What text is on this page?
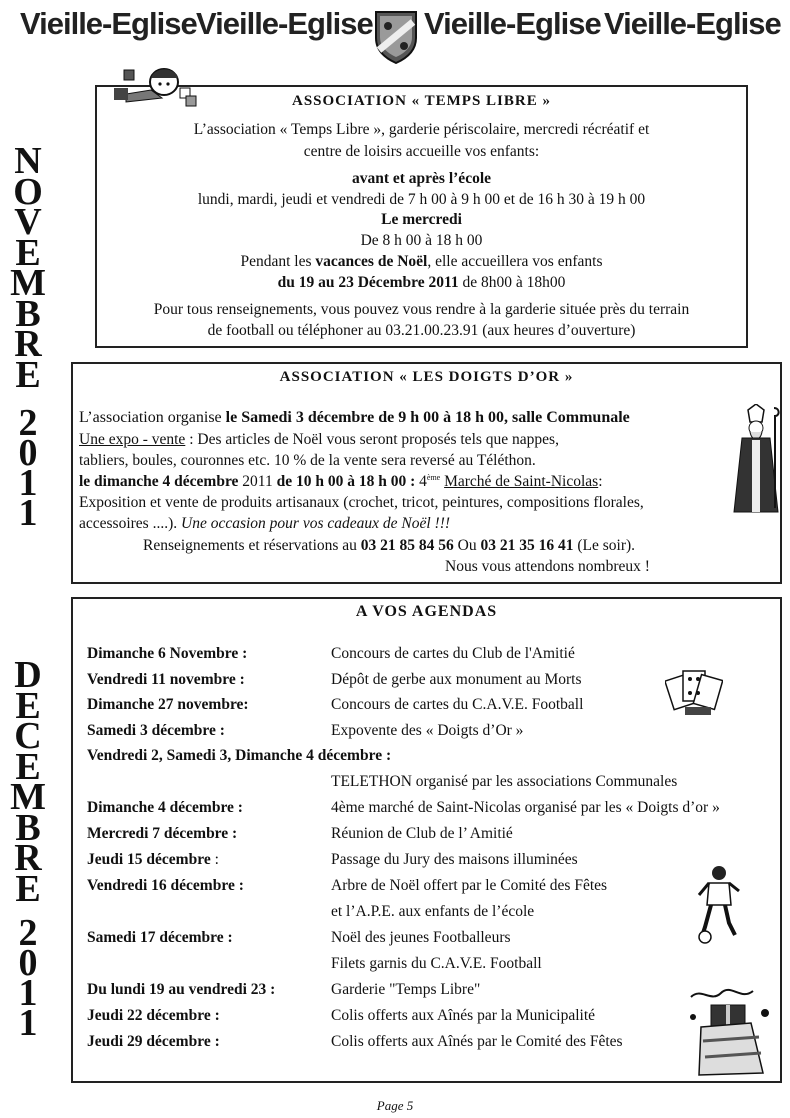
Vieille-Eglise Vieille-Eglise Vieille-Eglise Vieille-Eglise
N
O
V
E
M
B
R
E
2
0
1
1
D
E
C
E
M
B
R
E
2
0
1
1
ASSOCIATION « TEMPS LIBRE »
L’association « Temps Libre », garderie périscolaire, mercredi récréatif et
centre de loisirs accueille vos enfants:
avant et après l’école
lundi, mardi, jeudi et vendredi de 7 h 00 à 9 h 00 et de 16 h 30 à 19 h 00
Le mercredi
De 8 h 00 à 18 h 00
Pendant les vacances de Noël, elle accueillera vos enfants
du 19 au 23 Décembre 2011 de 8h00 à 18h00
Pour tous renseignements, vous pouvez vous rendre à la garderie située près du terrain
de football ou téléphoner au 03.21.00.23.91 (aux heures d’ouverture)
ASSOCIATION « LES DOIGTS D’OR »
L’association organise le Samedi 3 décembre de 9 h 00 à 18 h 00, salle Communale
Une expo - vente : Des articles de Noël vous seront proposés tels que nappes,
tabliers, boules, couronnes etc. 10 % de la vente sera reversé au Téléthon.
le dimanche 4 décembre 2011 de 10 h 00 à 18 h 00 : 4ème Marché de Saint-Nicolas:
Exposition et vente de produits artisanaux (crochet, tricot, peintures, compositions florales,
accessoires ....). Une occasion pour vos cadeaux de Noël !!!
Renseignements et réservations au 03 21 85 84 56 Ou 03 21 35 16 41 (Le soir).
Nous vous attendons nombreux !
A VOS AGENDAS
Dimanche 6 Novembre :	Concours de cartes du Club de l'Amitié
Vendredi 11 novembre :	Dépôt de gerbe aux monument au Morts
Dimanche 27 novembre:	Concours de cartes du C.A.V.E. Football
Samedi 3 décembre :	Expovente des « Doigts d’Or »
Vendredi 2, Samedi 3, Dimanche 4 décembre :
TELETHON organisé par les associations Communales
Dimanche 4 décembre :	4ème marché de Saint-Nicolas organisé par les « Doigts d’or »
Mercredi 7 décembre :	Réunion de Club de l’ Amitié
Jeudi 15 décembre :	Passage du Jury des maisons illuminées
Vendredi 16 décembre :	Arbre de Noël offert par le Comité des Fêtes
et l’A.P.E. aux enfants de l’école
Samedi 17 décembre :	Noël des jeunes Footballeurs
Filets garnis du C.A.V.E. Football
Du lundi 19 au vendredi 23 :	Garderie "Temps Libre"
Jeudi 22 décembre :	Colis offerts aux Aînés par la Municipalité
Jeudi 29 décembre :	Colis offerts aux Aînés par le Comité des Fêtes
Page 5
